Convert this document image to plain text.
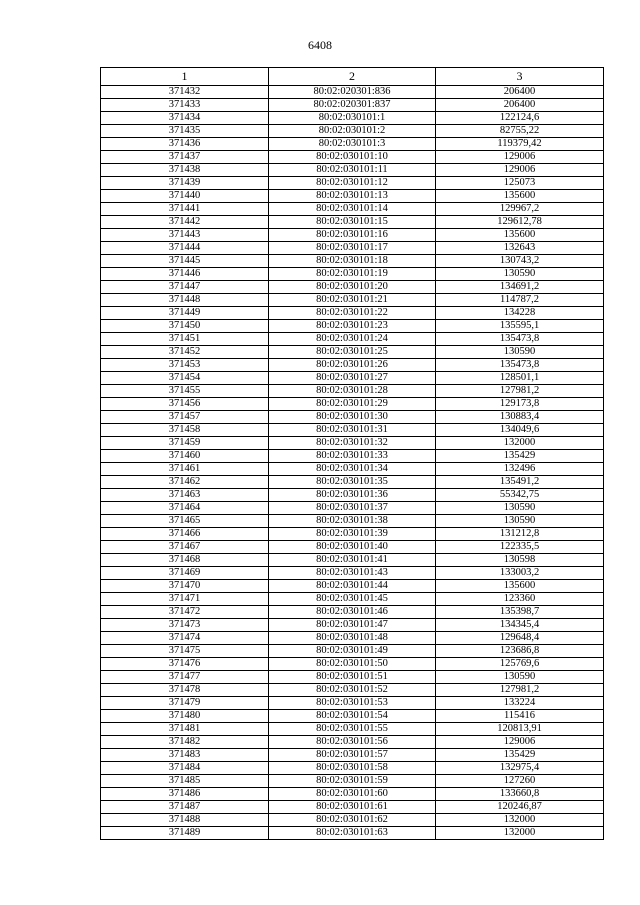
6408
1	2	3
371432	80:02:020301:836	206400
371433	80:02:020301:837	206400
371434	80:02:030101:1	122124,6
371435	80:02:030101:2	82755,22
371436	80:02:030101:3	119379,42
371437	80:02:030101:10	129006
371438	80:02:030101:11	129006
371439	80:02:030101:12	125073
371440	80:02:030101:13	135600
371441	80:02:030101:14	129967,2
371442	80:02:030101:15	129612,78
371443	80:02:030101:16	135600
371444	80:02:030101:17	132643
371445	80:02:030101:18	130743,2
371446	80:02:030101:19	130590
371447	80:02:030101:20	134691,2
371448	80:02:030101:21	114787,2
371449	80:02:030101:22	134228
371450	80:02:030101:23	135595,1
371451	80:02:030101:24	135473,8
371452	80:02:030101:25	130590
371453	80:02:030101:26	135473,8
371454	80:02:030101:27	128501,1
371455	80:02:030101:28	127981,2
371456	80:02:030101:29	129173,8
371457	80:02:030101:30	130883,4
371458	80:02:030101:31	134049,6
371459	80:02:030101:32	132000
371460	80:02:030101:33	135429
371461	80:02:030101:34	132496
371462	80:02:030101:35	135491,2
371463	80:02:030101:36	55342,75
371464	80:02:030101:37	130590
371465	80:02:030101:38	130590
371466	80:02:030101:39	131212,8
371467	80:02:030101:40	122335,5
371468	80:02:030101:41	130598
371469	80:02:030101:43	133003,2
371470	80:02:030101:44	135600
371471	80:02:030101:45	123360
371472	80:02:030101:46	135398,7
371473	80:02:030101:47	134345,4
371474	80:02:030101:48	129648,4
371475	80:02:030101:49	123686,8
371476	80:02:030101:50	125769,6
371477	80:02:030101:51	130590
371478	80:02:030101:52	127981,2
371479	80:02:030101:53	133224
371480	80:02:030101:54	115416
371481	80:02:030101:55	120813,91
371482	80:02:030101:56	129006
371483	80:02:030101:57	135429
371484	80:02:030101:58	132975,4
371485	80:02:030101:59	127260
371486	80:02:030101:60	133660,8
371487	80:02:030101:61	120246,87
371488	80:02:030101:62	132000
371489	80:02:030101:63	132000
